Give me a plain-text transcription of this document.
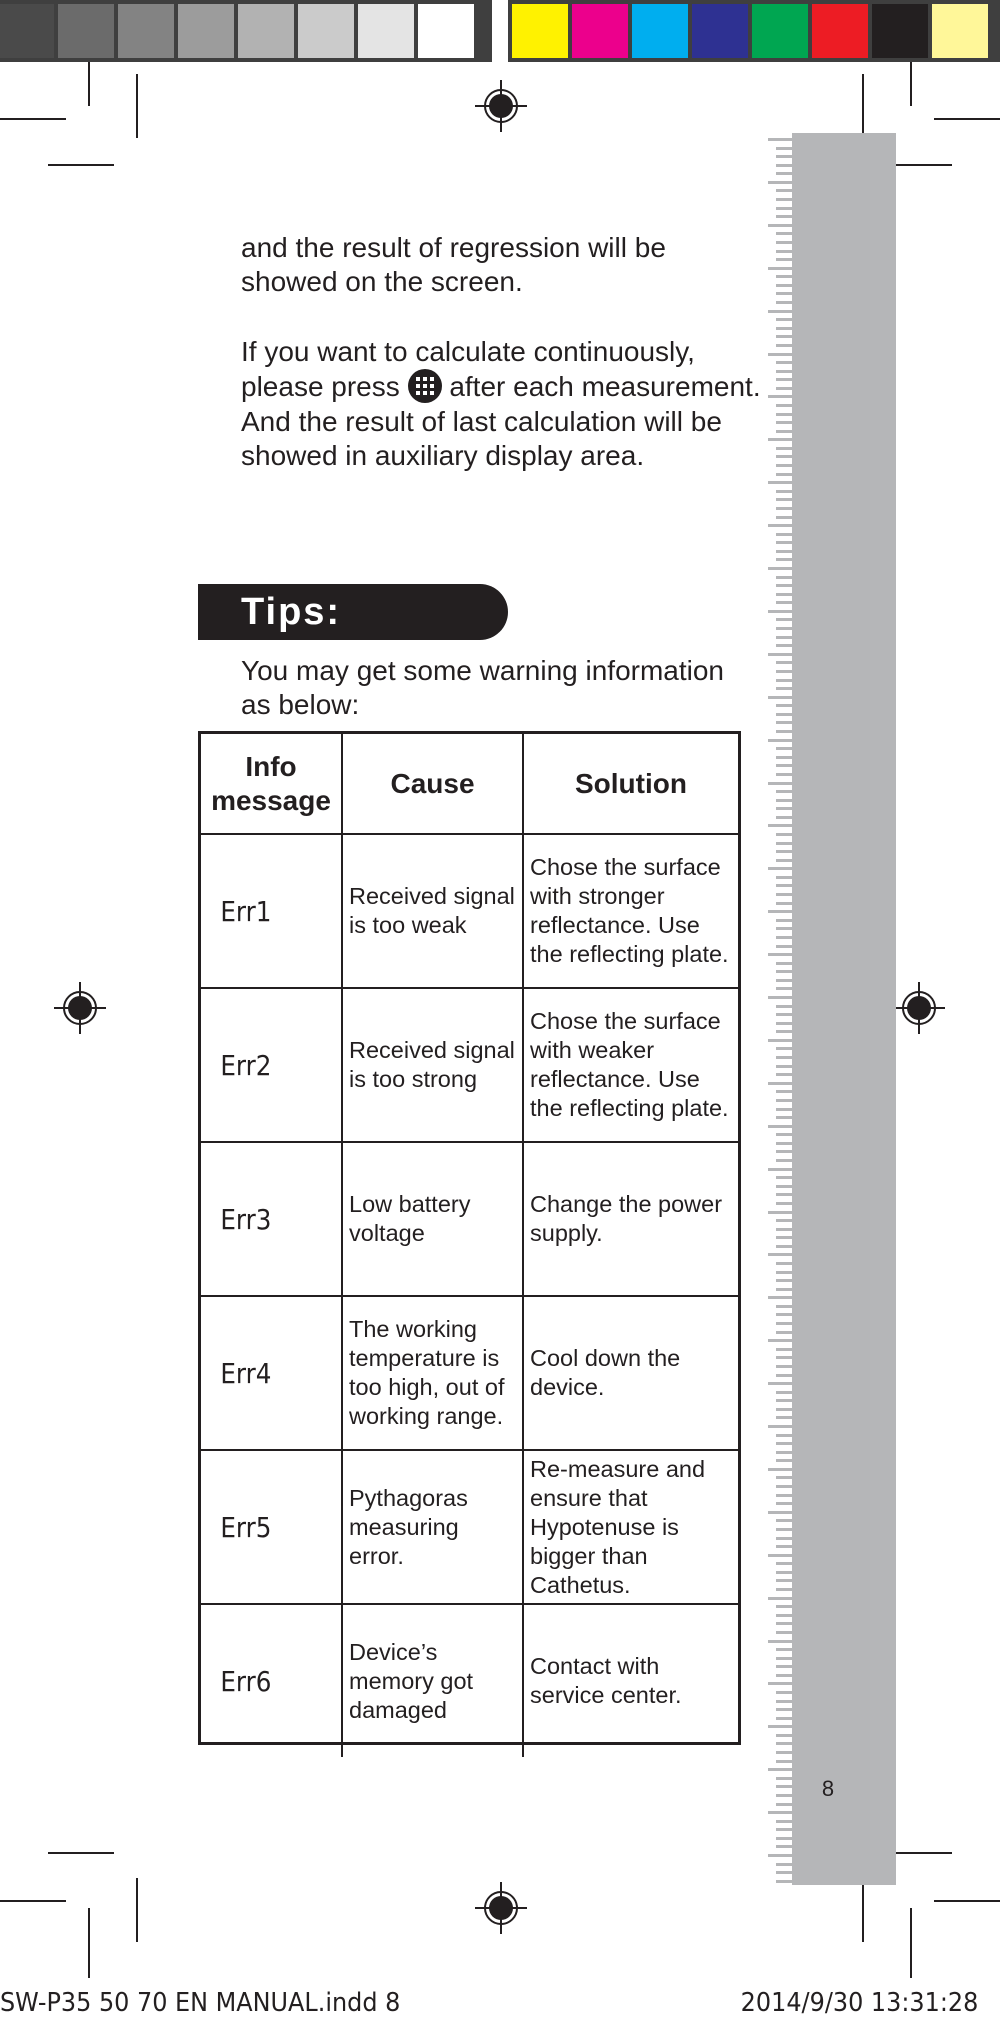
8
and the result of regression will be showed on the screen.
If you want to calculate continuously, please press after each measurement. And the result of last calculation will be showed in auxiliary display area.
Tips:
You may get some warning information as below:
Info message	Cause	Solution
Err1	Received signal is too weak	Chose the surface with stronger reflectance. Use the reflecting plate.
Err2	Received signal is too strong	Chose the surface with weaker reflectance. Use the reflecting plate.
Err3	Low battery voltage	Change the power supply.
Err4	The working temperature is too high, out of working range.	Cool down the device.
Err5	Pythagoras measuring error.	Re-measure and ensure that Hypotenuse is bigger than Cathetus.
Err6	Device’s memory got damaged	Contact with service center.
SW-P35 50 70 EN MANUAL.indd 8	2014/9/30 13:31:28
